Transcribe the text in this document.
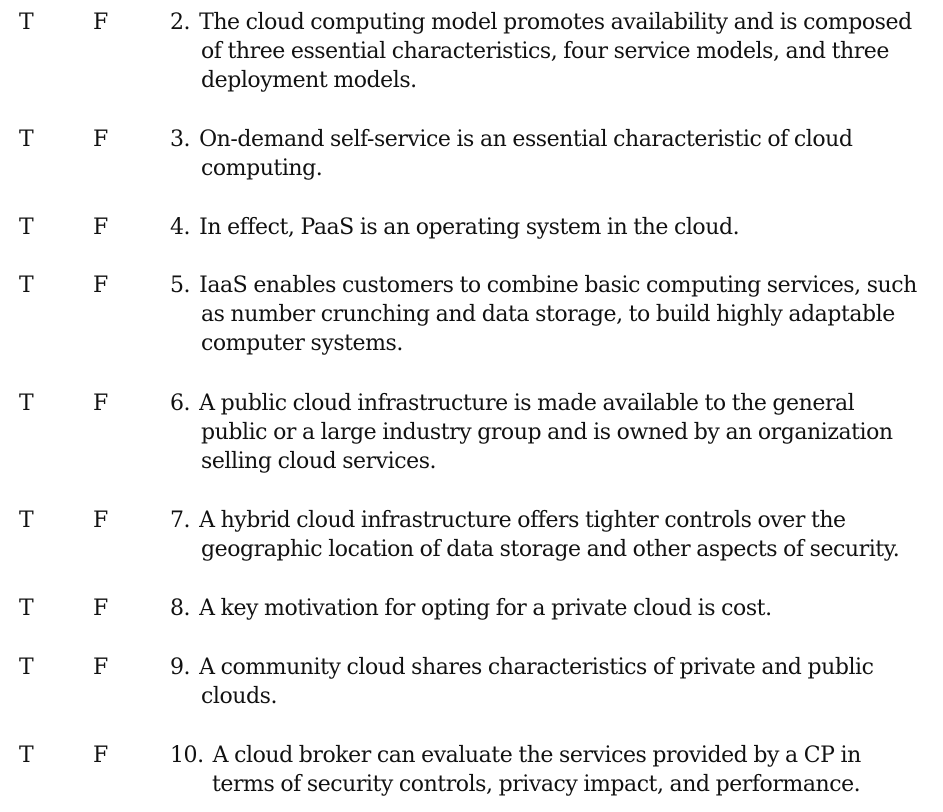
T	F	2. The cloud computing model promotes availability and is composed
of three essential characteristics, four service models, and three
deployment models.
T	F	3. On-demand self-service is an essential characteristic of cloud
computing.
T	F	4. In effect, PaaS is an operating system in the cloud.
T	F	5. IaaS enables customers to combine basic computing services, such
as number crunching and data storage, to build highly adaptable
computer systems.
T	F	6. A public cloud infrastructure is made available to the general
public or a large industry group and is owned by an organization
selling cloud services.
T	F	7. A hybrid cloud infrastructure offers tighter controls over the
geographic location of data storage and other aspects of security.
T	F	8. A key motivation for opting for a private cloud is cost.
T	F	9. A community cloud shares characteristics of private and public
clouds.
T	F	10. A cloud broker can evaluate the services provided by a CP in
terms of security controls, privacy impact, and performance.
